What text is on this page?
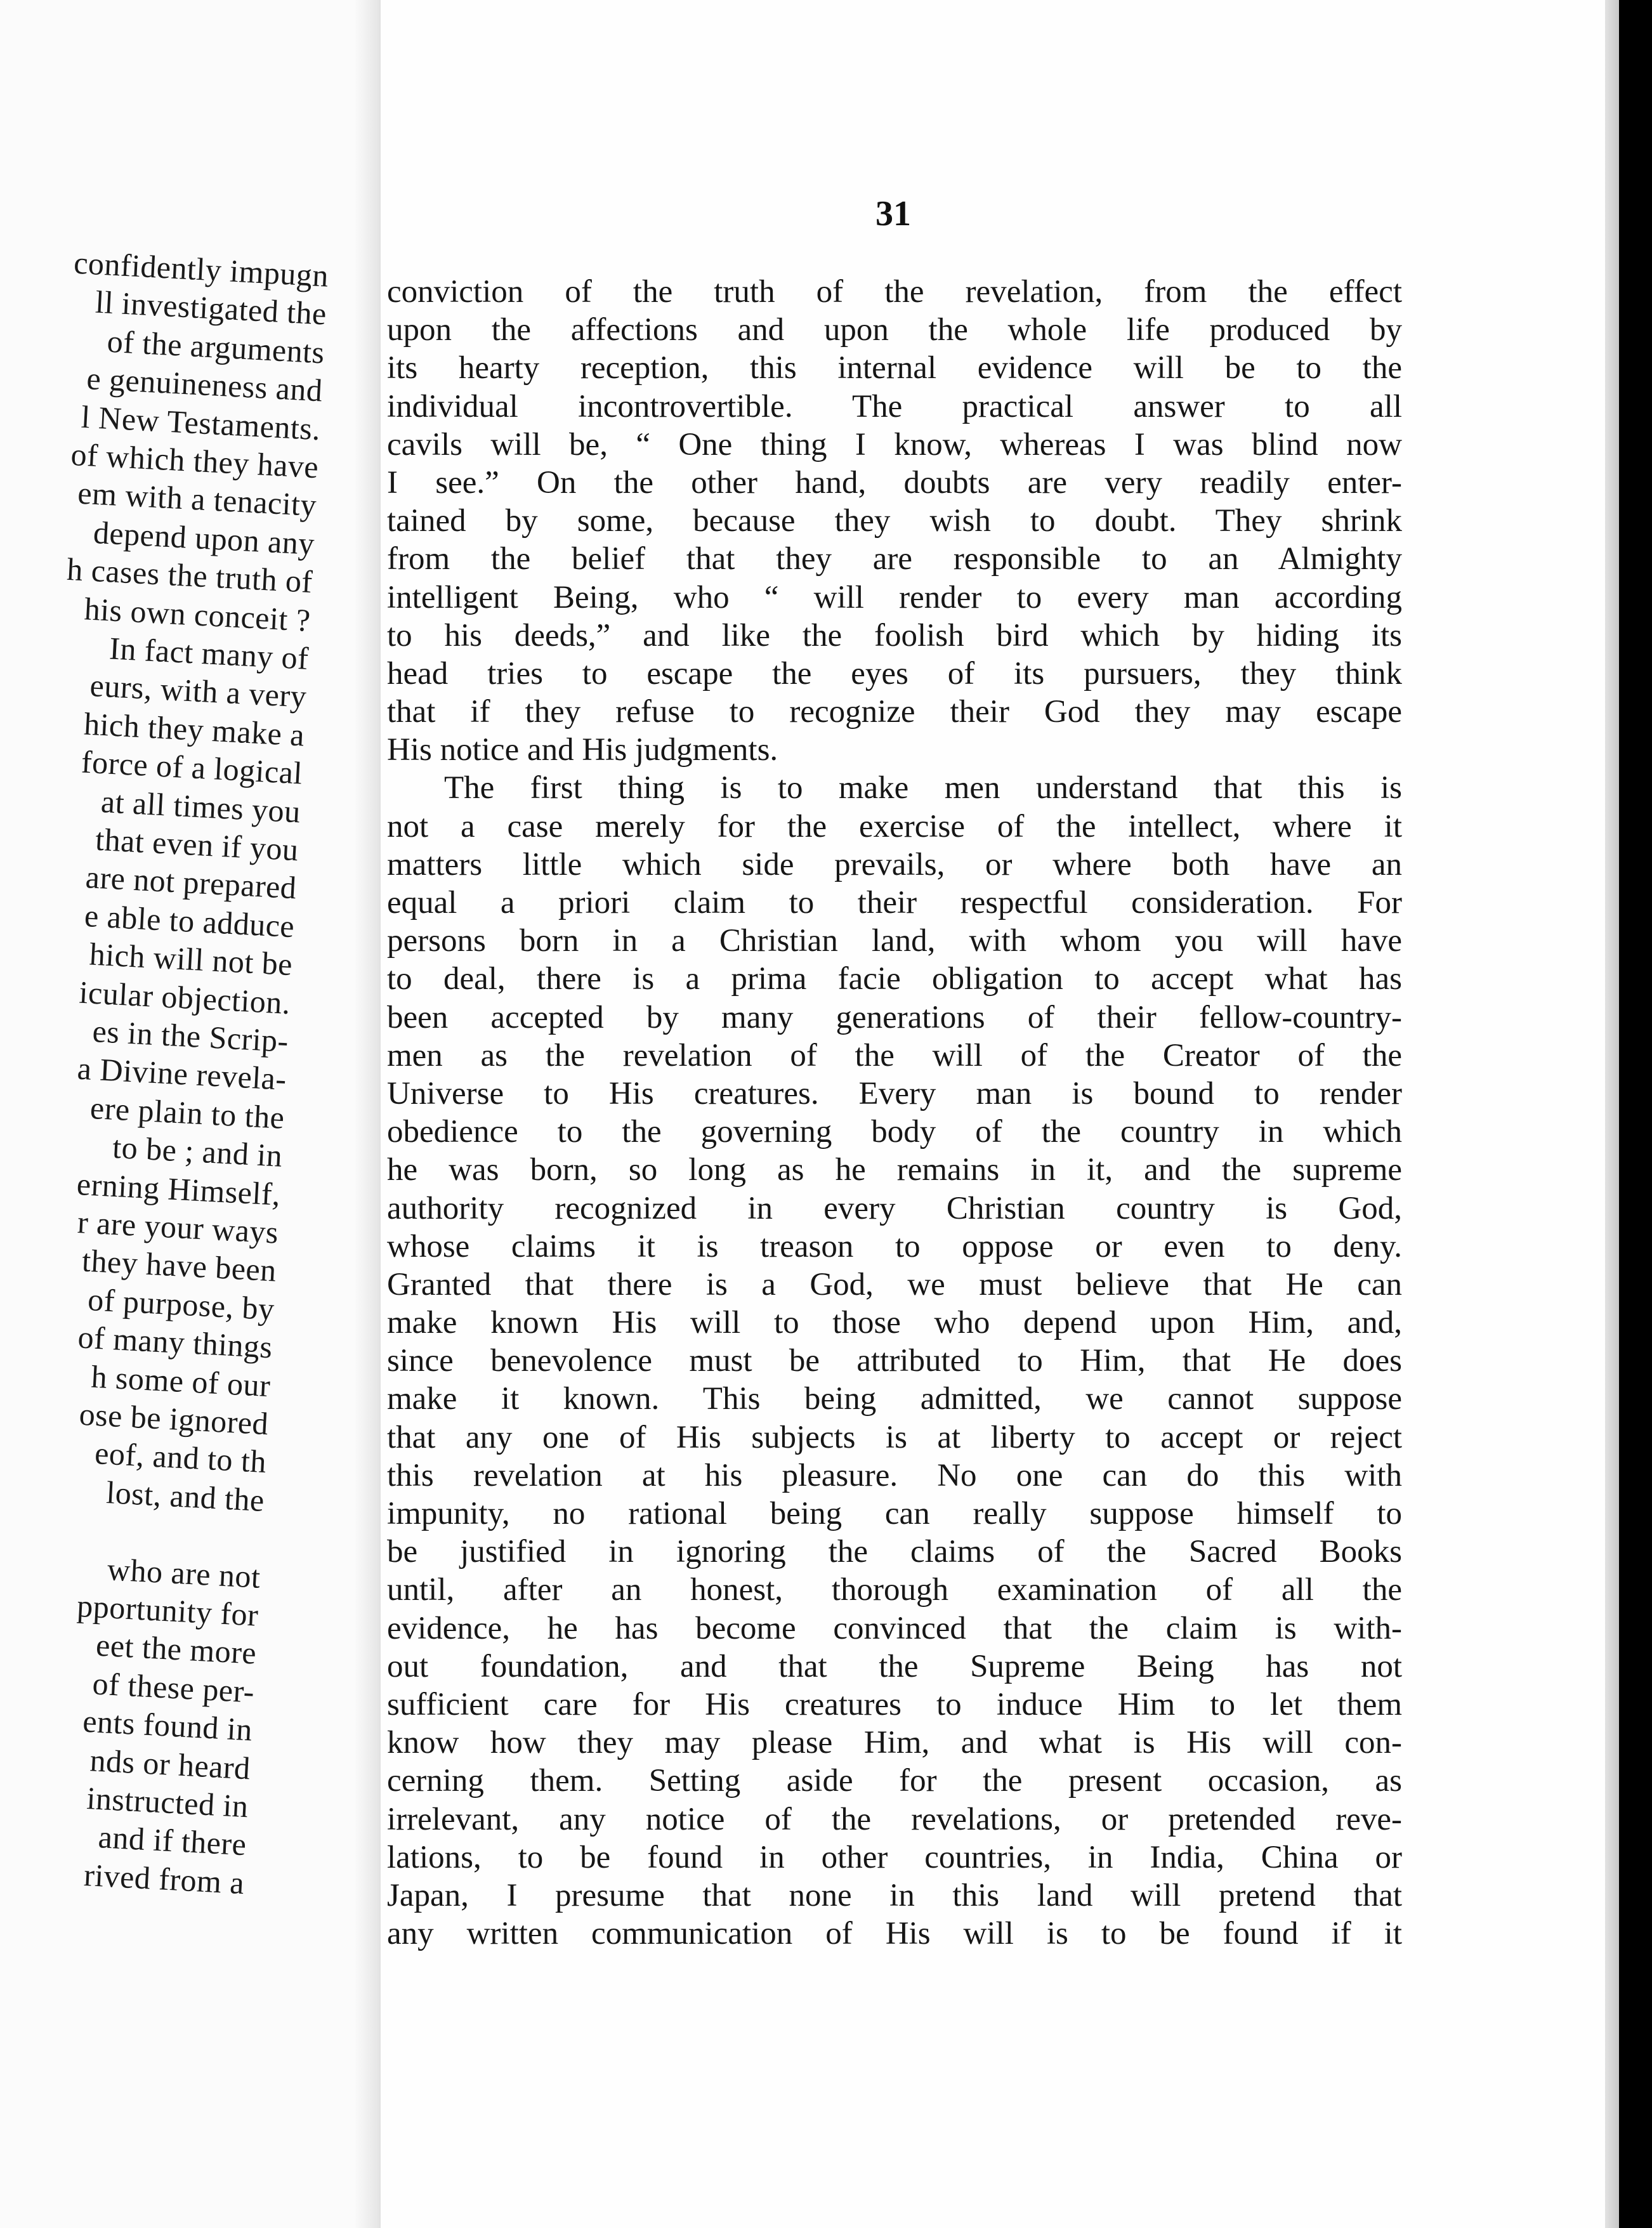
confidently impugn
ll investigated the
of the arguments
e genuineness and
l New Testaments.
of which they have
em with a tenacity
depend upon any
h cases the truth of
his own conceit ?
In fact many of
eurs, with a very
hich they make a
force of a logical
at all times you
that even if you
are not prepared
e able to adduce
hich will not be
icular objection.
es in the Scrip-
a Divine revela-
ere plain to the
to be ; and in
erning Himself,
r are your ways
they have been
of purpose, by
of many things
h some of our
ose be ignored
eof, and to th
lost, and the
who are not
pportunity for
eet the more
of these per-
ents found in
nds or heard
instructed in
and if there
rived from a
31
conviction of the truth of the revelation, from the effect
upon the affections and upon the whole life produced by
its hearty reception, this internal evidence will be to the
individual incontrovertible. The practical answer to all
cavils will be, “ One thing I know, whereas I was blind now
I see.” On the other hand, doubts are very readily enter-
tained by some, because they wish to doubt. They shrink
from the belief that they are responsible to an Almighty
intelligent Being, who “ will render to every man according
to his deeds,” and like the foolish bird which by hiding its
head tries to escape the eyes of its pursuers, they think
that if they refuse to recognize their God they may escape
His notice and His judgments.
The first thing is to make men understand that this is
not a case merely for the exercise of the intellect, where it
matters little which side prevails, or where both have an
equal a priori claim to their respectful consideration. For
persons born in a Christian land, with whom you will have
to deal, there is a prima facie obligation to accept what has
been accepted by many generations of their fellow-country-
men as the revelation of the will of the Creator of the
Universe to His creatures. Every man is bound to render
obedience to the governing body of the country in which
he was born, so long as he remains in it, and the supreme
authority recognized in every Christian country is God,
whose claims it is treason to oppose or even to deny.
Granted that there is a God, we must believe that He can
make known His will to those who depend upon Him, and,
since benevolence must be attributed to Him, that He does
make it known. This being admitted, we cannot suppose
that any one of His subjects is at liberty to accept or reject
this revelation at his pleasure. No one can do this with
impunity, no rational being can really suppose himself to
be justified in ignoring the claims of the Sacred Books
until, after an honest, thorough examination of all the
evidence, he has become convinced that the claim is with-
out foundation, and that the Supreme Being has not
sufficient care for His creatures to induce Him to let them
know how they may please Him, and what is His will con-
cerning them. Setting aside for the present occasion, as
irrelevant, any notice of the revelations, or pretended reve-
lations, to be found in other countries, in India, China or
Japan, I presume that none in this land will pretend that
any written communication of His will is to be found if it
